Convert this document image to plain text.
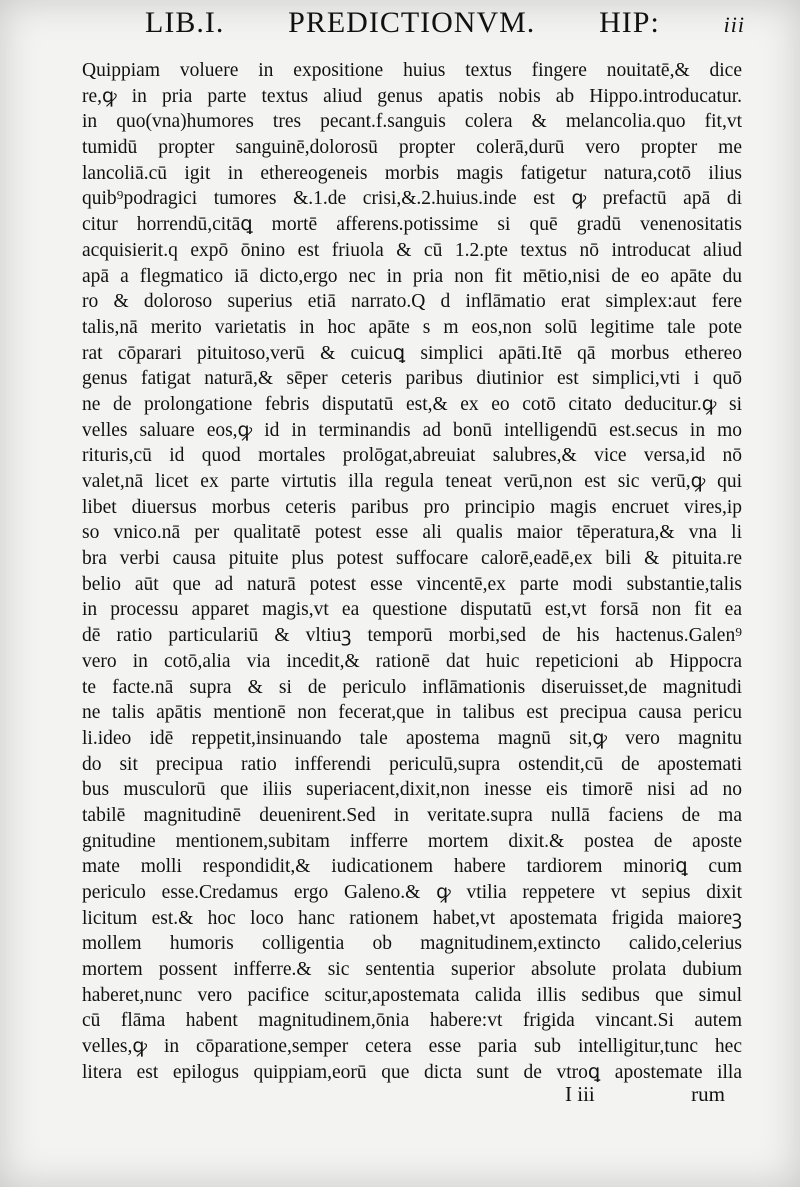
LIB.I. PREDICTIONVM. HIP:	iii
Quippiam voluere in expositione huius textus fingere nouitatē,& dice
re,ꝙ in pria parte textus aliud genus apatis nobis ab Hippo.introducatur.
in quo(vna)humores tres pecant.f.sanguis colera & melancolia.quo fit,vt
tumidū propter sanguinē,dolorosū propter colerā,durū vero propter me
lancoliā.cū igit in ethereogeneis morbis magis fatigetur natura,cotō ilius
quib⁹podragici tumores &.1.de crisi,&.2.huius.inde est ꝙ prefactū apā di
citur horrendū,citāꝗ mortē afferens.potissime si quē gradū venenositatis
acquisierit.q expō ōnino est friuola & cū 1.2.pte textus nō introducat aliud
apā a flegmatico iā dicto,ergo nec in pria non fit mētio,nisi de eo apāte du
ro & doloroso superius etiā narrato.Q d inflāmatio erat simplex:aut fere
talis,nā merito varietatis in hoc apāte s m eos,non solū legitime tale pote
rat cōparari pituitoso,verū & cuicuꝗ simplici apāti.Itē qā morbus ethereo
genus fatigat naturā,& sēper ceteris paribus diutinior est simplici,vti i quō
ne de prolongatione febris disputatū est,& ex eo cotō citato deducitur.ꝙ si
velles saluare eos,ꝙ id in terminandis ad bonū intelligendū est.secus in mo
rituris,cū id quod mortales prolōgat,abreuiat salubres,& vice versa,id nō
valet,nā licet ex parte virtutis illa regula teneat verū,non est sic verū,ꝙ qui
libet diuersus morbus ceteris paribus pro principio magis encruet vires,ip
so vnico.nā per qualitatē potest esse ali qualis maior tēperatura,& vna li
bra verbi causa pituite plus potest suffocare calorē,eadē,ex bili & pituita.re
belio aūt que ad naturā potest esse vincentē,ex parte modi substantie,talis
in processu apparet magis,vt ea questione disputatū est,vt forsā non fit ea
dē ratio particulariū & vltiuꝫ temporū morbi,sed de his hactenus.Galen⁹
vero in cotō,alia via incedit,& rationē dat huic repeticioni ab Hippocra
te facte.nā supra & si de periculo inflāmationis diseruisset,de magnitudi
ne talis apātis mentionē non fecerat,que in talibus est precipua causa pericu
li.ideo idē reppetit,insinuando tale apostema magnū sit,ꝙ vero magnitu
do sit precipua ratio infferendi periculū,supra ostendit,cū de apostemati
bus musculorū que iliis superiacent,dixit,non inesse eis timorē nisi ad no
tabilē magnitudinē deuenirent.Sed in veritate.supra nullā faciens de ma
gnitudine mentionem,subitam infferre mortem dixit.& postea de aposte
mate molli respondidit,& iudicationem habere tardiorem minoriꝗ cum
periculo esse.Credamus ergo Galeno.& ꝙ vtilia reppetere vt sepius dixit
licitum est.& hoc loco hanc rationem habet,vt apostemata frigida maioreꝫ
mollem humoris colligentia ob magnitudinem,extincto calido,celerius
mortem possent infferre.& sic sententia superior absolute prolata dubium
haberet,nunc vero pacifice scitur,apostemata calida illis sedibus que simul
cū flāma habent magnitudinem,ōnia habere:vt frigida vincant.Si autem
velles,ꝙ in cōparatione,semper cetera esse paria sub intelligitur,tunc hec
litera est epilogus quippiam,eorū que dicta sunt de vtroꝗ apostemate illa
I iii	rum
